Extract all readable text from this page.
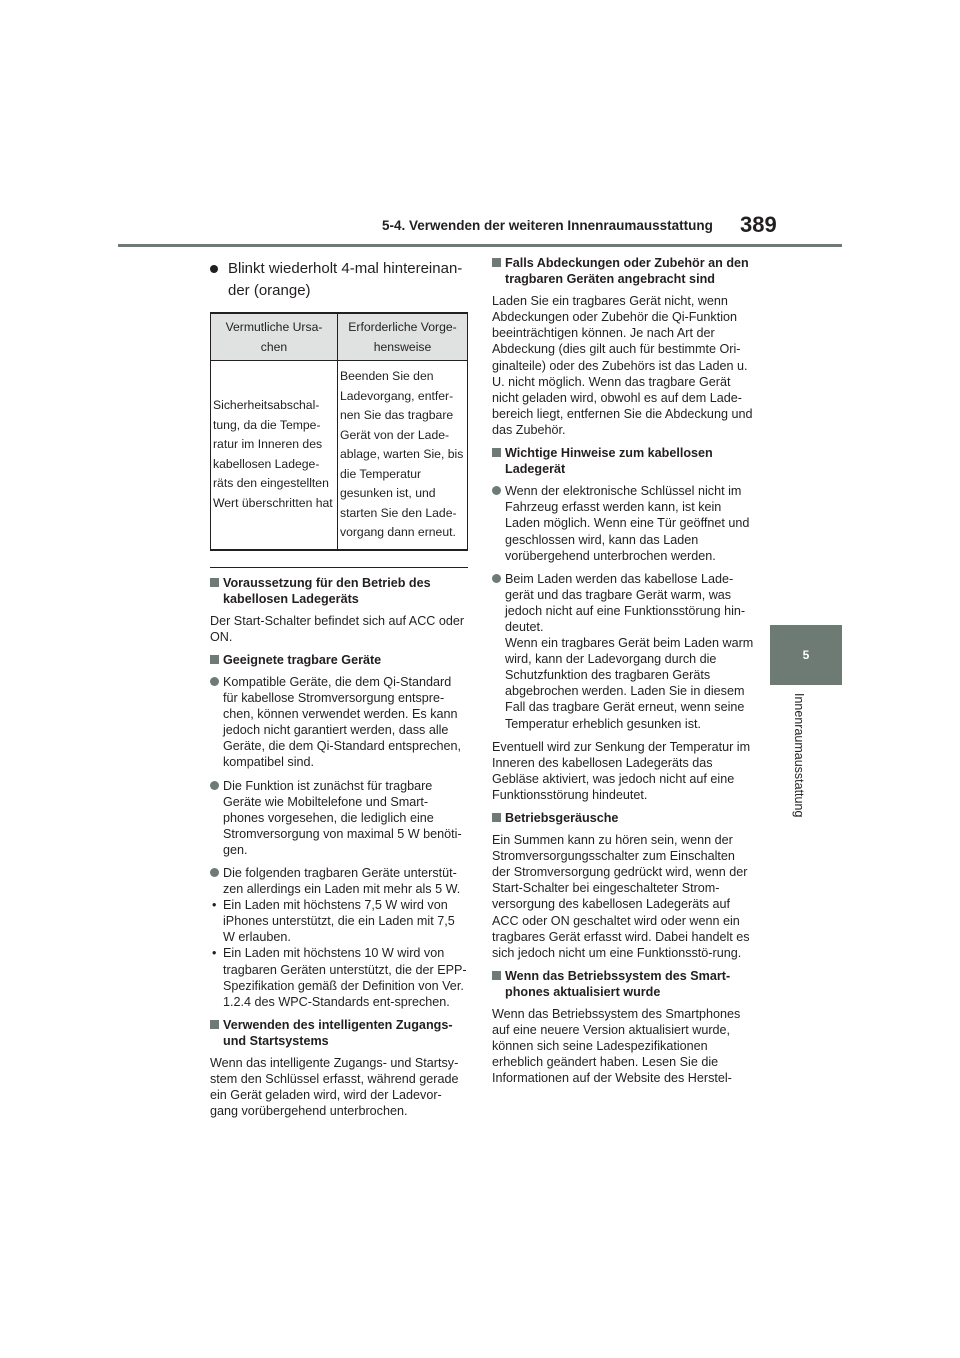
5-4. Verwenden der weiteren Innenraumausstattung 389
5
Innenraumausstattung
Blinkt wiederholt 4-mal hintereinan-der (orange)
Vermutliche Ursa-chen	Erforderliche Vorge-hensweise
Sicherheitsabschal-tung, da die Tempe-ratur im Inneren des kabellosen Ladege-räts den eingestellten Wert überschritten hat	Beenden Sie den Ladevorgang, entfer-nen Sie das tragbare Gerät von der Lade-ablage, warten Sie, bis die Temperatur gesunken ist, und starten Sie den Lade-vorgang dann erneut.
Voraussetzung für den Betrieb des kabellosen Ladegeräts
Der Start-Schalter befindet sich auf ACC oder ON.
Geeignete tragbare Geräte
Kompatible Geräte, die dem Qi-Standard für kabellose Stromversorgung entspre-chen, können verwendet werden. Es kann jedoch nicht garantiert werden, dass alle Geräte, die dem Qi-Standard entsprechen, kompatibel sind.
Die Funktion ist zunächst für tragbare Geräte wie Mobiltelefone und Smart-phones vorgesehen, die lediglich eine Stromversorgung von maximal 5 W benöti-gen.
Die folgenden tragbaren Geräte unterstüt-zen allerdings ein Laden mit mehr als 5 W.
• Ein Laden mit höchstens 7,5 W wird von iPhones unterstützt, die ein Laden mit 7,5 W erlauben.
• Ein Laden mit höchstens 10 W wird von tragbaren Geräten unterstützt, die der EPP-Spezifikation gemäß der Definition von Ver. 1.2.4 des WPC-Standards ent-sprechen.
Verwenden des intelligenten Zugangs- und Startsystems
Wenn das intelligente Zugangs- und Startsy-stem den Schlüssel erfasst, während gerade ein Gerät geladen wird, wird der Ladevor-gang vorübergehend unterbrochen.
Falls Abdeckungen oder Zubehör an den tragbaren Geräten angebracht sind
Laden Sie ein tragbares Gerät nicht, wenn Abdeckungen oder Zubehör die Qi-Funktion beeinträchtigen können. Je nach Art der Abdeckung (dies gilt auch für bestimmte Ori-ginalteile) oder des Zubehörs ist das Laden u. U. nicht möglich. Wenn das tragbare Gerät nicht geladen wird, obwohl es auf dem Lade-bereich liegt, entfernen Sie die Abdeckung und das Zubehör.
Wichtige Hinweise zum kabellosen Ladegerät
Wenn der elektronische Schlüssel nicht im Fahrzeug erfasst werden kann, ist kein Laden möglich. Wenn eine Tür geöffnet und geschlossen wird, kann das Laden vorübergehend unterbrochen werden.
Beim Laden werden das kabellose Lade-gerät und das tragbare Gerät warm, was jedoch nicht auf eine Funktionsstörung hin-deutet.
Wenn ein tragbares Gerät beim Laden warm wird, kann der Ladevorgang durch die Schutzfunktion des tragbaren Geräts abgebrochen werden. Laden Sie in diesem Fall das tragbare Gerät erneut, wenn seine Temperatur erheblich gesunken ist.
Eventuell wird zur Senkung der Temperatur im Inneren des kabellosen Ladegeräts das Gebläse aktiviert, was jedoch nicht auf eine Funktionsstörung hindeutet.
Betriebsgeräusche
Ein Summen kann zu hören sein, wenn der Stromversorgungsschalter zum Einschalten der Stromversorgung gedrückt wird, wenn der Start-Schalter bei eingeschalteter Strom-versorgung des kabellosen Ladegeräts auf ACC oder ON geschaltet wird oder wenn ein tragbares Gerät erfasst wird. Dabei handelt es sich jedoch nicht um eine Funktionsstö-rung.
Wenn das Betriebssystem des Smart-phones aktualisiert wurde
Wenn das Betriebssystem des Smartphones auf eine neuere Version aktualisiert wurde, können sich seine Ladespezifikationen erheblich geändert haben. Lesen Sie die Informationen auf der Website des Herstel-
